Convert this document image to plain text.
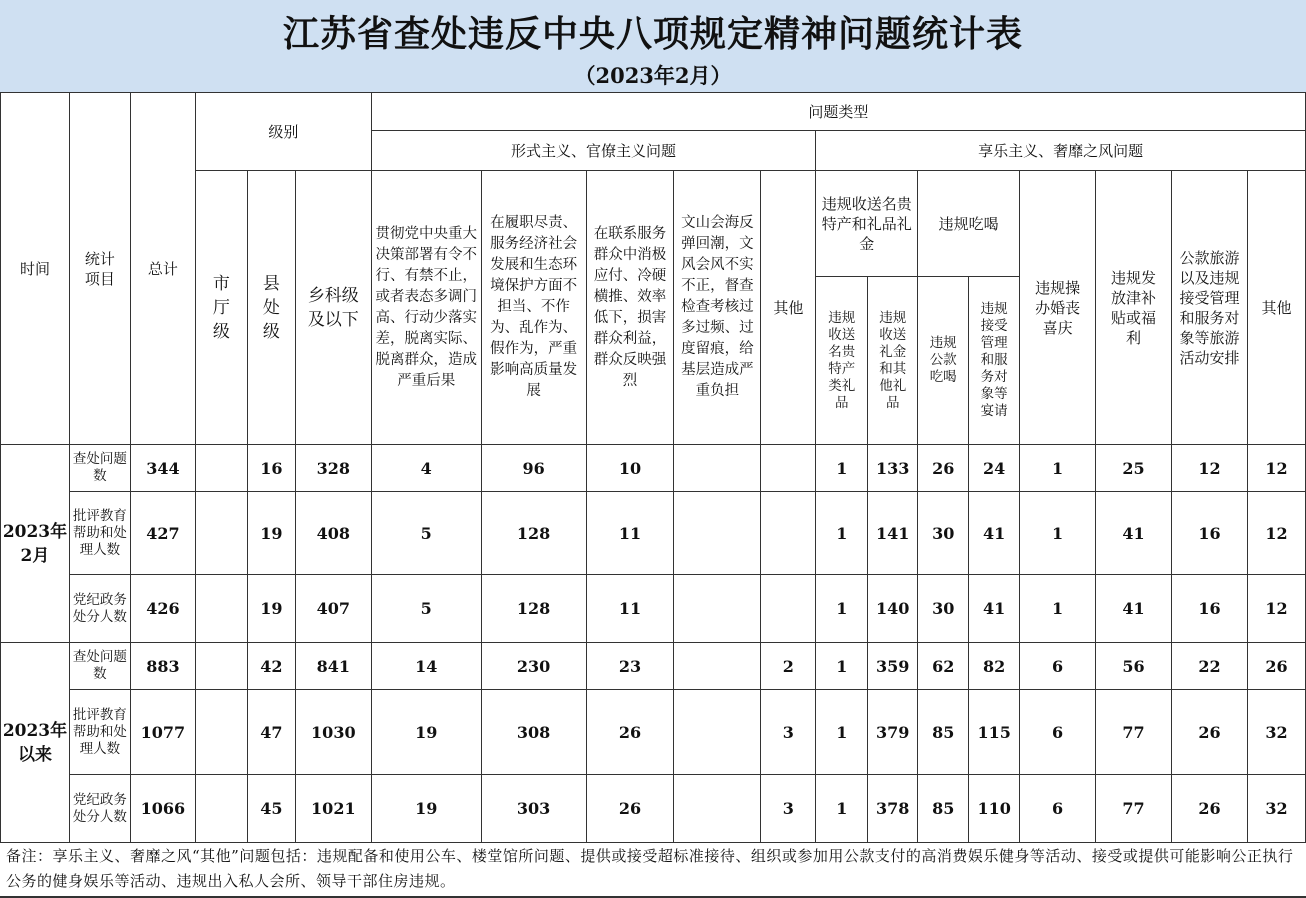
江苏省查处违反中央八项规定精神问题统计表
（2023年2月）
时间	统计项目	总计	级别			问题类型												
						形式主义、官僚主义问题					享乐主义、奢靡之风问题							
			市厅级	县处级	乡科级及以下	贯彻党中央重大决策部署有令不行、有禁不止，或者表态多调门高、行动少落实差，脱离实际、脱离群众，造成严重后果	在履职尽责、服务经济社会发展和生态环境保护方面不担当、不作为、乱作为、假作为，严重影响高质量发展	在联系服务群众中消极应付、冷硬横推、效率低下，损害群众利益，群众反映强烈	文山会海反弹回潮，文风会风不实不正，督查检查考核过多过频、过度留痕，给基层造成严重负担	其他	违规收送名贵特产和礼品礼金		违规吃喝		违规操办婚丧喜庆	违规发放津补贴或福利	公款旅游以及违规接受管理和服务对象等旅游活动安排	其他
											违规收送名贵特产类礼品	违规收送礼金和其他礼品	违规公款吃喝	违规接受管理和服务对象等宴请				
2023年2月	查处问题数	344		16	328	4	96	10			1	133	26	24	1	25	12	12
	批评教育帮助和处理人数	427		19	408	5	128	11			1	141	30	41	1	41	16	12
	党纪政务处分人数	426		19	407	5	128	11			1	140	30	41	1	41	16	12
2023年以来	查处问题数	883		42	841	14	230	23		2	1	359	62	82	6	56	22	26
	批评教育帮助和处理人数	1077		47	1030	19	308	26		3	1	379	85	115	6	77	26	32
	党纪政务处分人数	1066		45	1021	19	303	26		3	1	378	85	110	6	77	26	32
备注：享乐主义、奢靡之风“其他”问题包括：违规配备和使用公车、楼堂馆所问题、提供或接受超标准接待、组织或参加用公款支付的高消费娱乐健身等活动、接受或提供可能影响公正执行公务的健身娱乐等活动、违规出入私人会所、领导干部住房违规。
